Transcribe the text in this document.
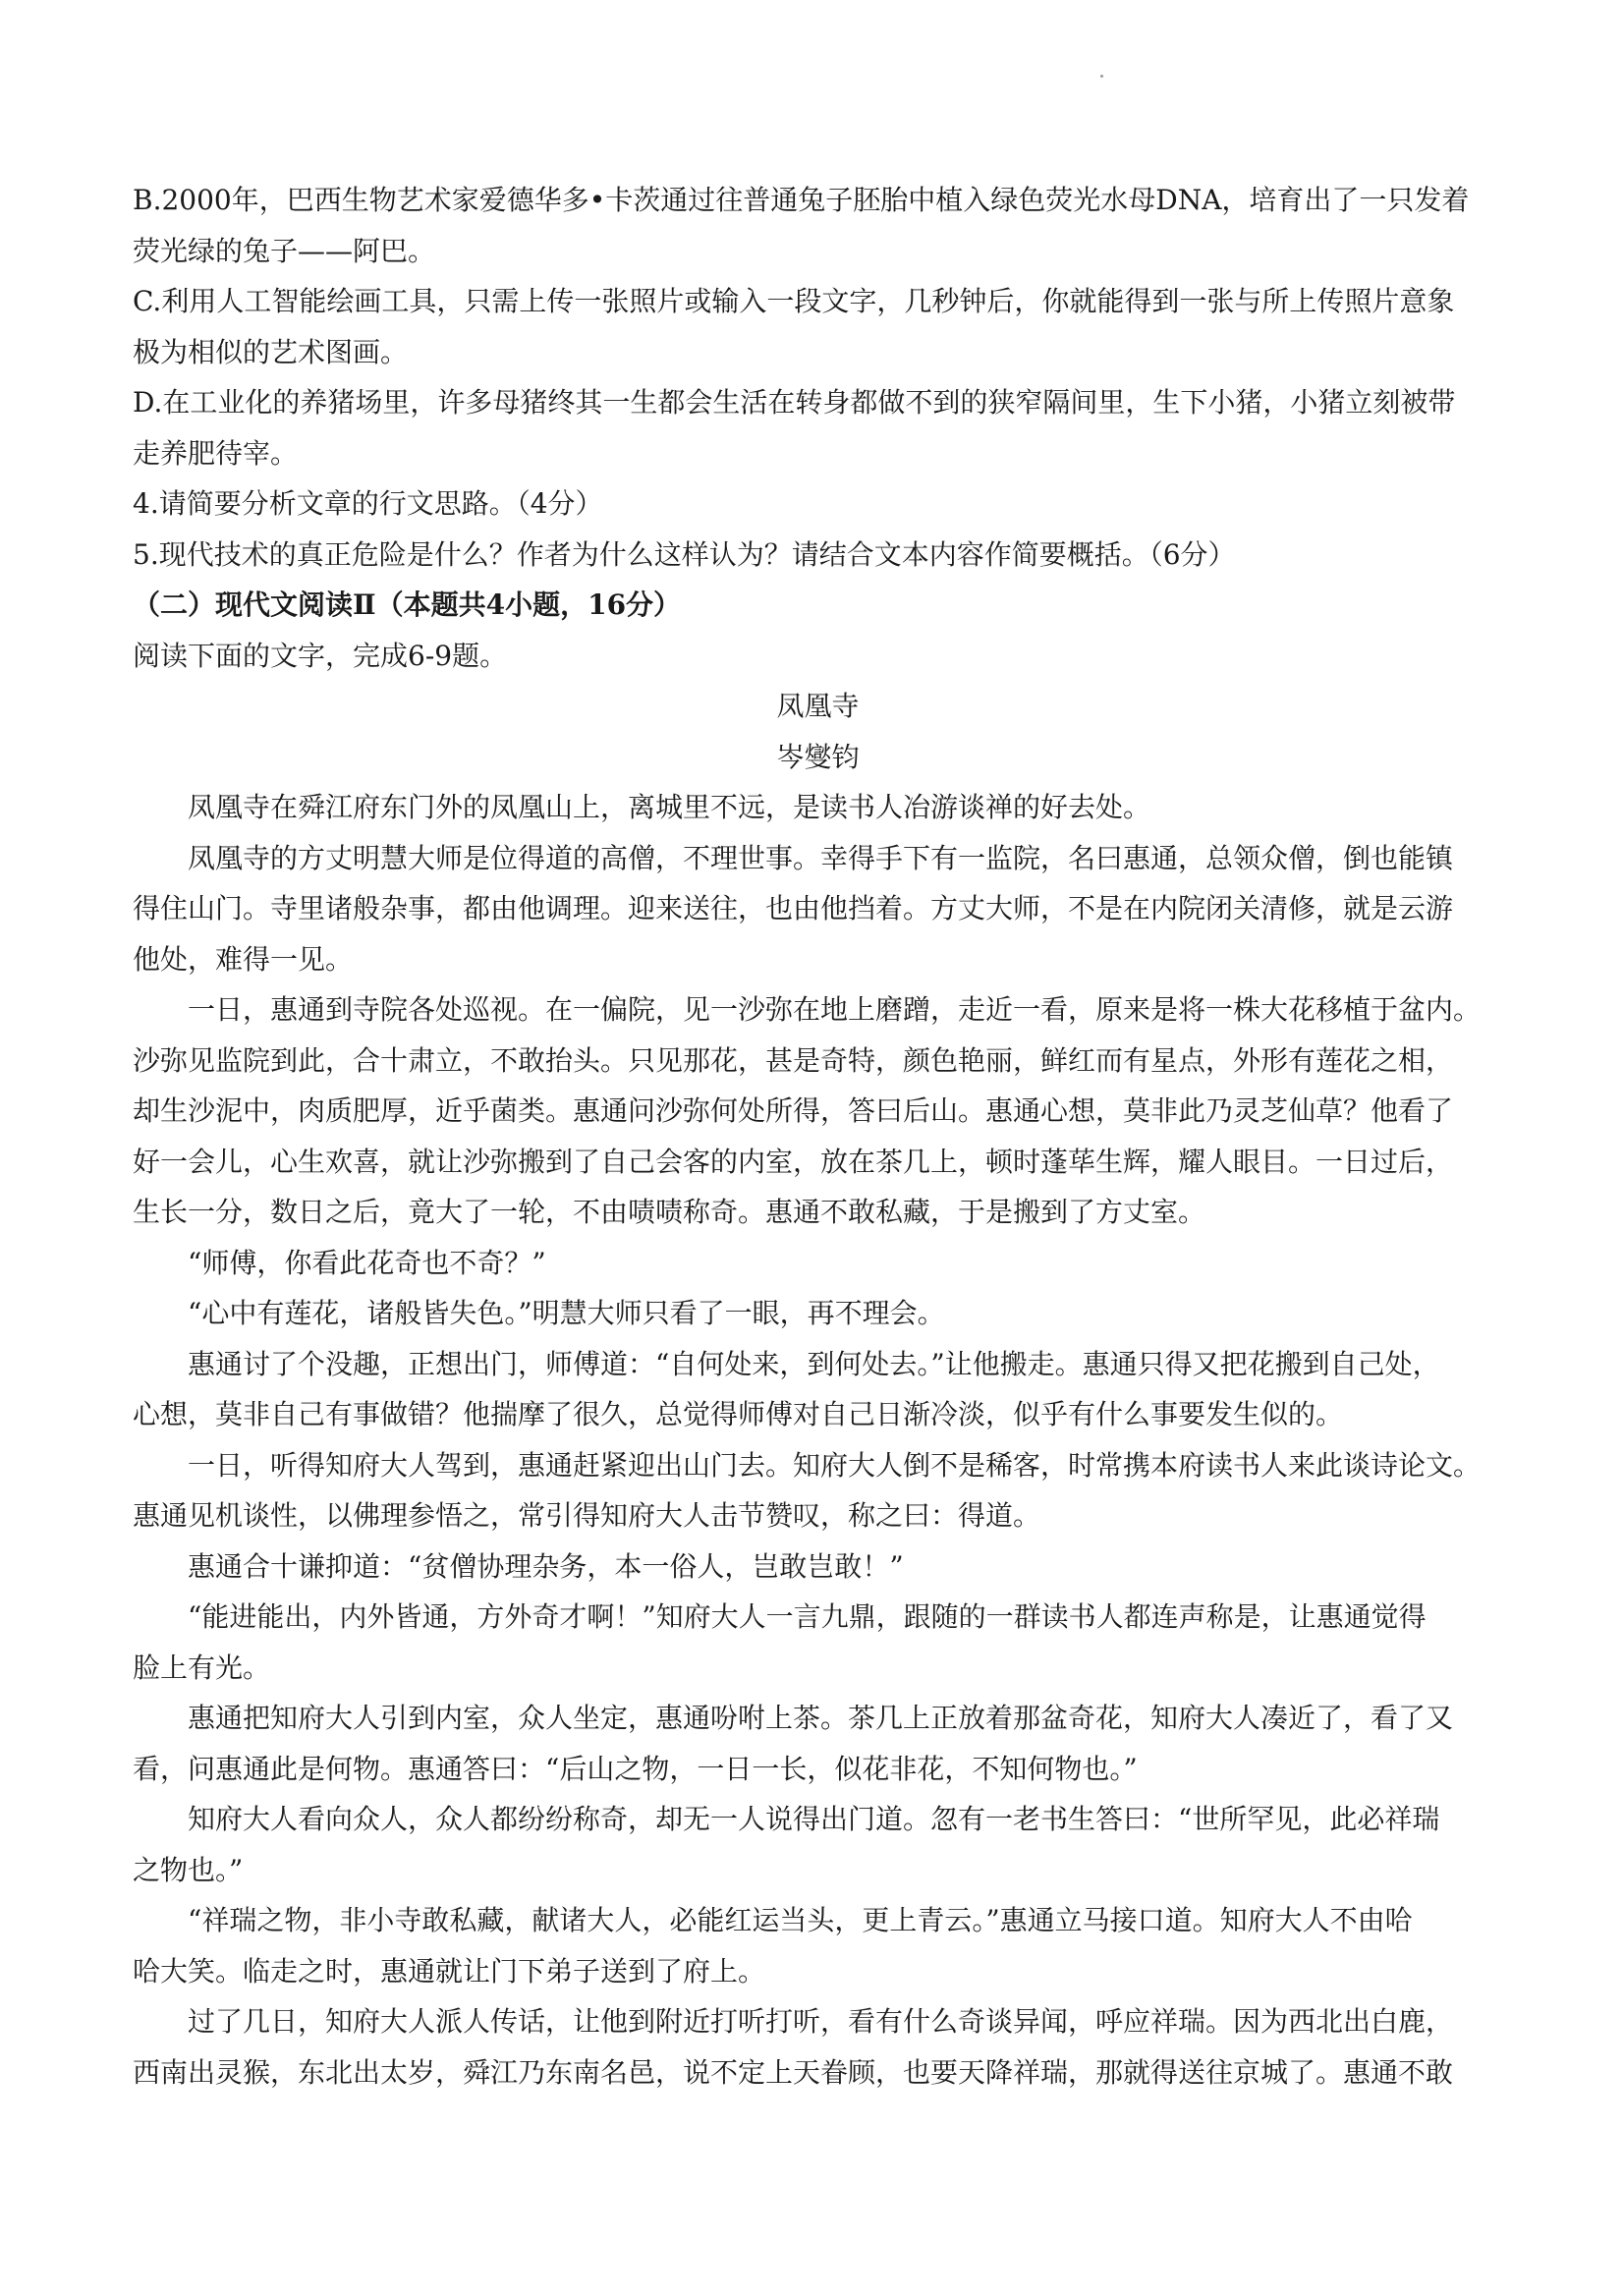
B.2000年，巴西生物艺术家爱德华多•卡茨通过往普通兔子胚胎中植入绿色荧光水母DNA，培育出了一只发着
荧光绿的兔子——阿巴。
C.利用人工智能绘画工具，只需上传一张照片或输入一段文字，几秒钟后，你就能得到一张与所上传照片意象
极为相似的艺术图画。
D.在工业化的养猪场里，许多母猪终其一生都会生活在转身都做不到的狭窄隔间里，生下小猪，小猪立刻被带
走养肥待宰。
4.请简要分析文章的行文思路。（4分）
5.现代技术的真正危险是什么？作者为什么这样认为？请结合文本内容作简要概括。（6分）
（二）现代文阅读Ⅱ（本题共4小题，16分）
阅读下面的文字，完成6-9题。
凤凰寺
岑燮钧
凤凰寺在舜江府东门外的凤凰山上，离城里不远，是读书人冶游谈禅的好去处。
凤凰寺的方丈明慧大师是位得道的高僧，不理世事。幸得手下有一监院，名曰惠通，总领众僧，倒也能镇
得住山门。寺里诸般杂事，都由他调理。迎来送往，也由他挡着。方丈大师，不是在内院闭关清修，就是云游
他处，难得一见。
一日，惠通到寺院各处巡视。在一偏院，见一沙弥在地上磨蹭，走近一看，原来是将一株大花移植于盆内。
沙弥见监院到此，合十肃立，不敢抬头。只见那花，甚是奇特，颜色艳丽，鲜红而有星点，外形有莲花之相，
却生沙泥中，肉质肥厚，近乎菌类。惠通问沙弥何处所得，答曰后山。惠通心想，莫非此乃灵芝仙草？他看了
好一会儿，心生欢喜，就让沙弥搬到了自己会客的内室，放在茶几上，顿时蓬荜生辉，耀人眼目。一日过后，
生长一分，数日之后，竟大了一轮，不由啧啧称奇。惠通不敢私藏，于是搬到了方丈室。
“师傅，你看此花奇也不奇？”
“心中有莲花，诸般皆失色。”明慧大师只看了一眼，再不理会。
惠通讨了个没趣，正想出门，师傅道：“自何处来，到何处去。”让他搬走。惠通只得又把花搬到自己处，
心想，莫非自己有事做错？他揣摩了很久，总觉得师傅对自己日渐冷淡，似乎有什么事要发生似的。
一日，听得知府大人驾到，惠通赶紧迎出山门去。知府大人倒不是稀客，时常携本府读书人来此谈诗论文。
惠通见机谈性，以佛理参悟之，常引得知府大人击节赞叹，称之曰：得道。
惠通合十谦抑道：“贫僧协理杂务，本一俗人，岂敢岂敢！”
“能进能出，内外皆通，方外奇才啊！”知府大人一言九鼎，跟随的一群读书人都连声称是，让惠通觉得
脸上有光。
惠通把知府大人引到内室，众人坐定，惠通吩咐上茶。茶几上正放着那盆奇花，知府大人凑近了，看了又
看，问惠通此是何物。惠通答曰：“后山之物，一日一长，似花非花，不知何物也。”
知府大人看向众人，众人都纷纷称奇，却无一人说得出门道。忽有一老书生答曰：“世所罕见，此必祥瑞
之物也。”
“祥瑞之物，非小寺敢私藏，献诸大人，必能红运当头，更上青云。”惠通立马接口道。知府大人不由哈
哈大笑。临走之时，惠通就让门下弟子送到了府上。
过了几日，知府大人派人传话，让他到附近打听打听，看有什么奇谈异闻，呼应祥瑞。因为西北出白鹿，
西南出灵猴，东北出太岁，舜江乃东南名邑，说不定上天眷顾，也要天降祥瑞，那就得送往京城了。惠通不敢
